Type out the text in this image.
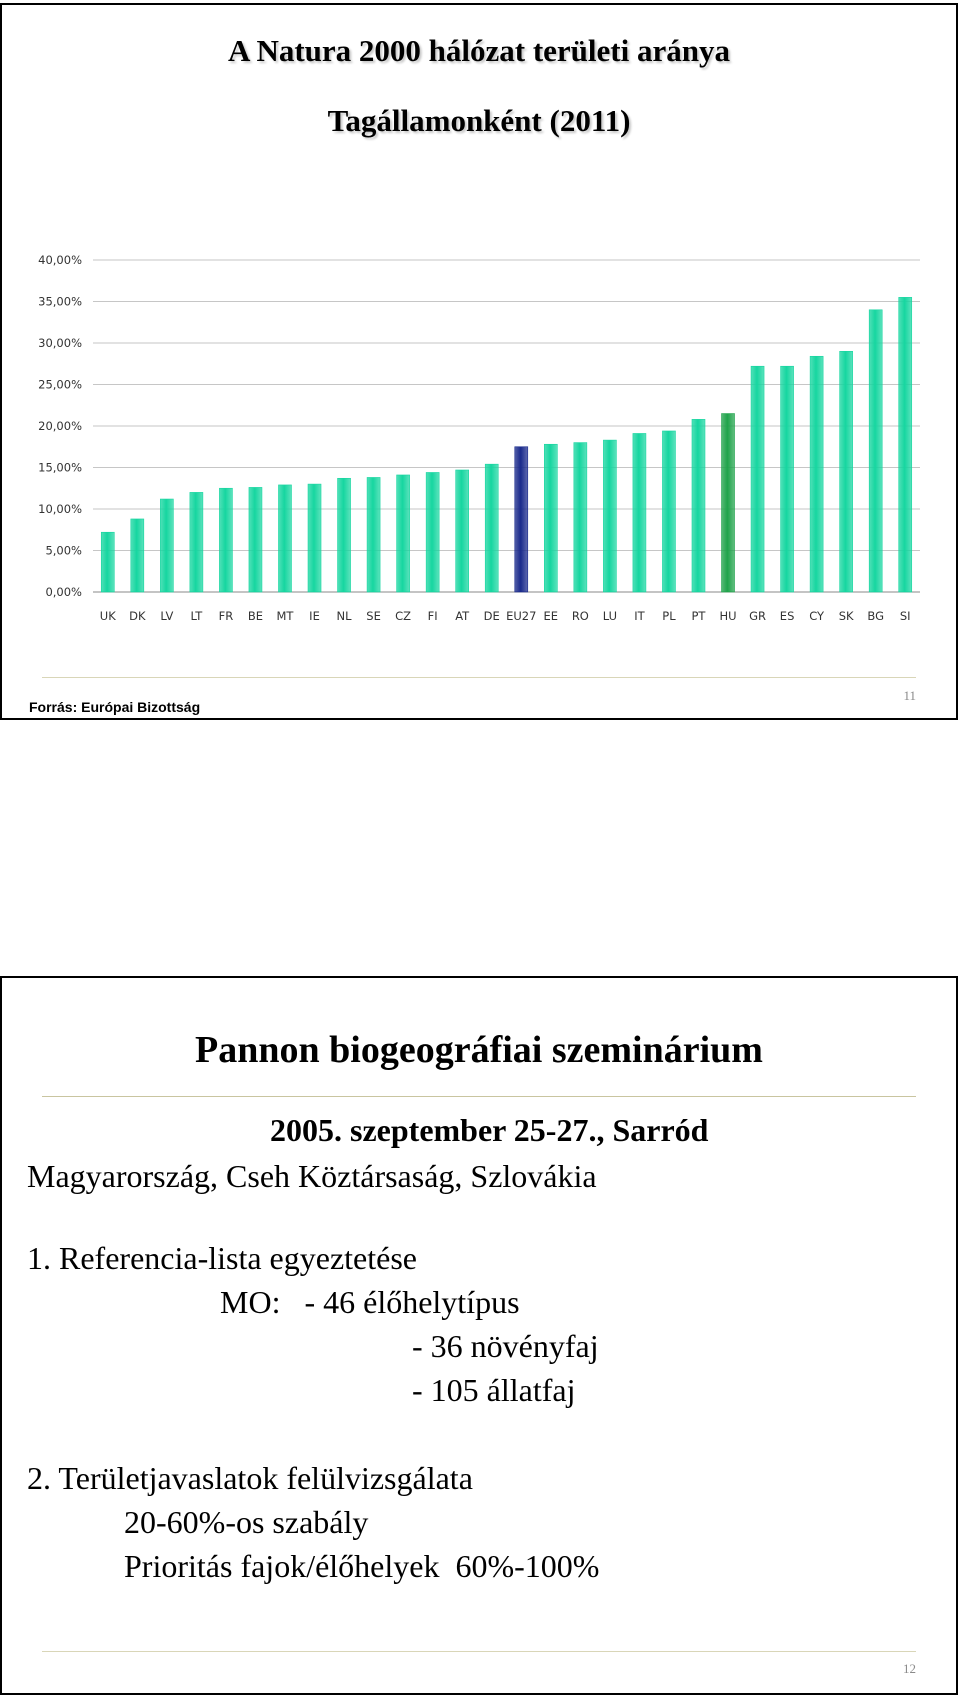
A Natura 2000 hálózat területi aránya
Tagállamonként (2011)
0,00%
5,00%
10,00%
15,00%
20,00%
25,00%
30,00%
35,00%
40,00%
UK DK LV LT FR BE MT IE NL SE CZ FI AT DE EU27 EE RO LU IT PL PT HU GR ES CY SK BG SI
11
Forrás: Európai Bizottság
Pannon biogeográfiai szeminárium
2005. szeptember 25-27., Sarród
Magyarország, Cseh Köztársaság, Szlovákia
1. Referencia-lista egyeztetése
MO:   - 46 élőhelytípus
- 36 növényfaj
- 105 állatfaj
2. Területjavaslatok felülvizsgálata
20-60%-os szabály
Prioritás fajok/élőhelyek  60%-100%
12
